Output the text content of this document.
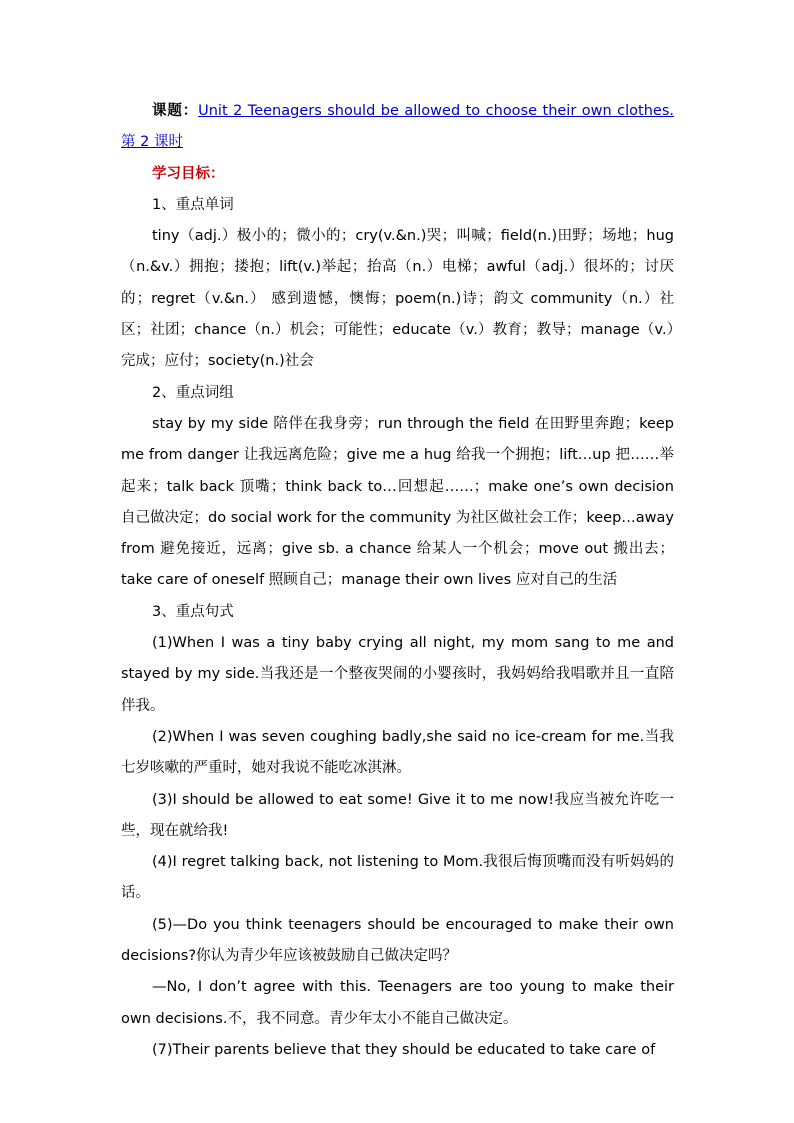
课题：Unit 2 Teenagers should be allowed to choose their own clothes. 第 2 课时

学习目标：

1、重点单词

tiny（adj.）极小的；微小的；cry(v.&n.)哭；叫喊；field(n.)田野；场地；hug（n.&v.）拥抱；搂抱；lift(v.)举起；抬高（n.）电梯；awful（adj.）很坏的；讨厌的；regret（v.&n.） 感到遗憾，懊悔；poem(n.)诗；韵文 community（n.）社区；社团；chance（n.）机会；可能性；educate（v.）教育；教导；manage（v.）完成；应付；society(n.)社会

2、重点词组

stay by my side 陪伴在我身旁；run through the field 在田野里奔跑；keep me from danger 让我远离危险；give me a hug 给我一个拥抱；lift…up 把……举起来；talk back 顶嘴；think back to…回想起……；make one’s own decision 自己做决定；do social work for the community 为社区做社会工作；keep…away from 避免接近，远离；give sb. a chance 给某人一个机会；move out 搬出去；take care of oneself 照顾自己；manage their own lives 应对自己的生活

3、重点句式

(1)When I was a tiny baby crying all night, my mom sang to me and stayed by my side.当我还是一个整夜哭闹的小婴孩时，我妈妈给我唱歌并且一直陪伴我。

(2)When I was seven coughing badly,she said no ice-cream for me.当我七岁咳嗽的严重时，她对我说不能吃冰淇淋。

(3)I should be allowed to eat some! Give it to me now!我应当被允许吃一些，现在就给我!

(4)I regret talking back, not listening to Mom.我很后悔顶嘴而没有听妈妈的话。

(5)—Do you think teenagers should be encouraged to make their own decisions?你认为青少年应该被鼓励自己做决定吗？

—No, I don’t agree with this. Teenagers are too young to make their own decisions.不，我不同意。青少年太小不能自己做决定。

(7)Their parents believe that they should be educated to take care of
